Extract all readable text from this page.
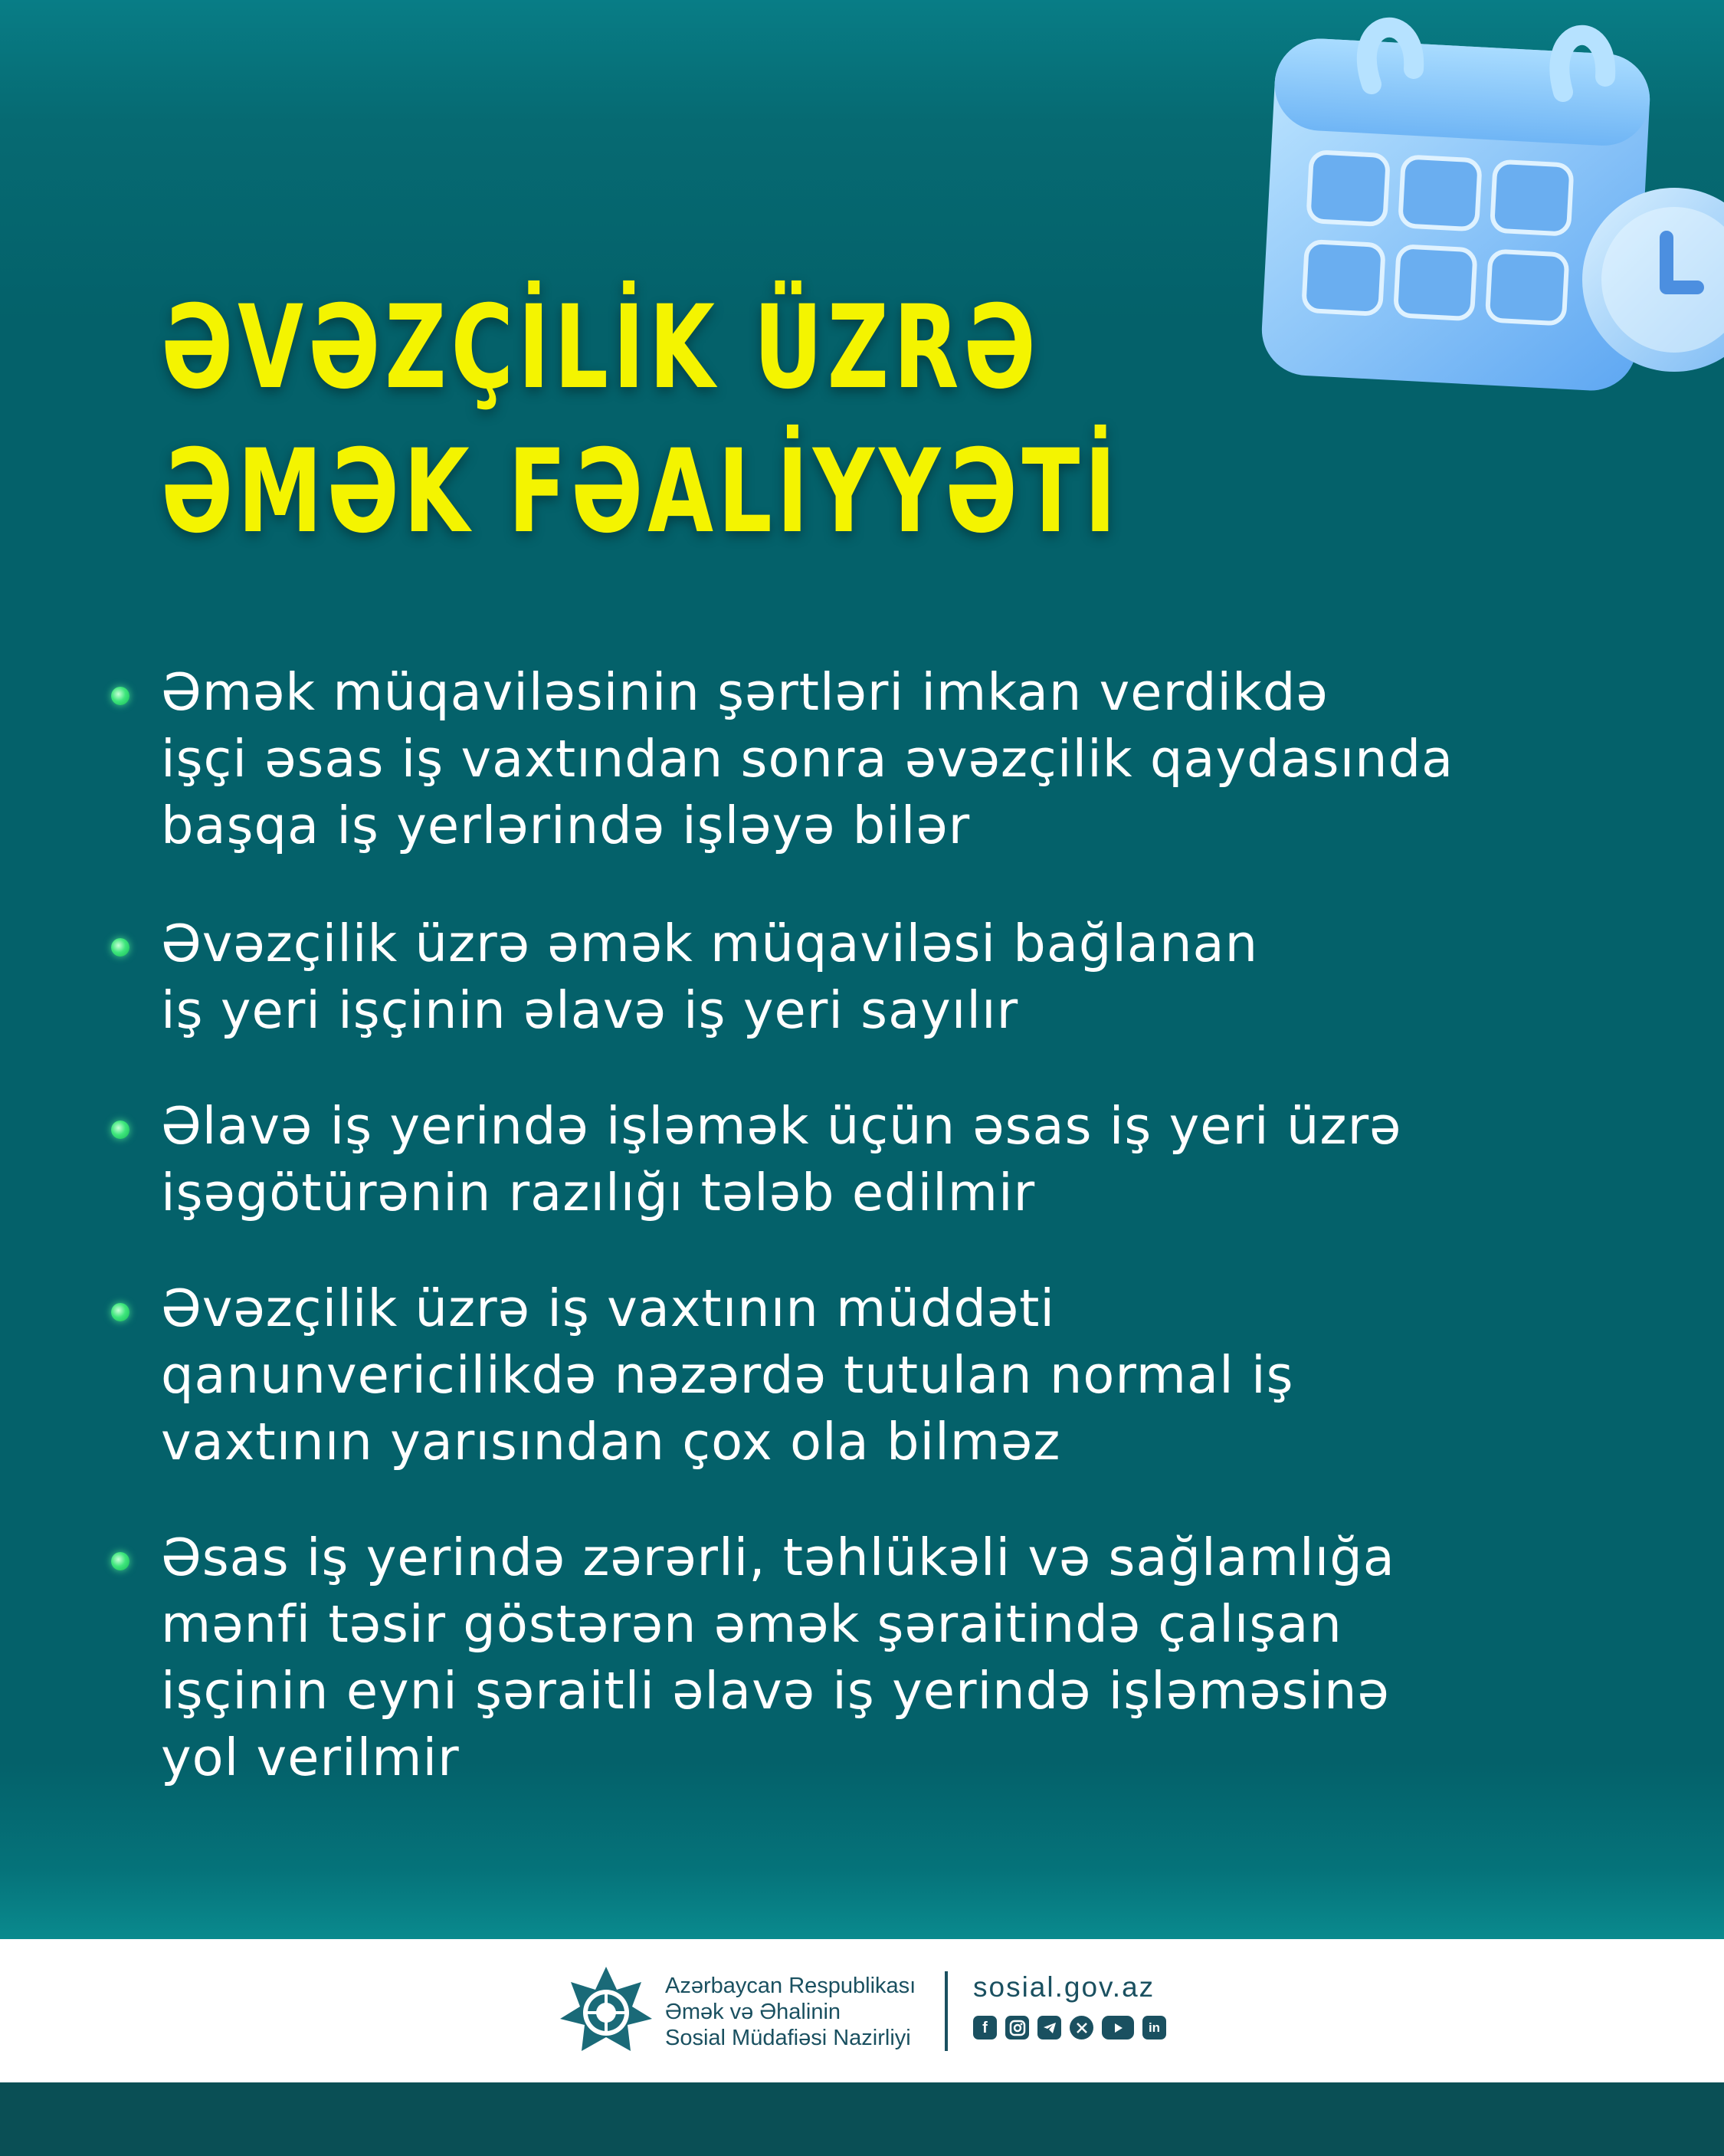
ƏVƏZÇİLİK ÜZRƏ
ƏMƏK FƏALİYYƏTİ
Əmək müqaviləsinin şərtləri imkan verdikdə
işçi əsas iş vaxtından sonra əvəzçilik qaydasında
başqa iş yerlərində işləyə bilər
Əvəzçilik üzrə əmək müqaviləsi bağlanan
iş yeri işçinin əlavə iş yeri sayılır
Əlavə iş yerində işləmək üçün əsas iş yeri üzrə
işəgötürənin razılığı tələb edilmir
Əvəzçilik üzrə iş vaxtının müddəti
qanunvericilikdə nəzərdə tutulan normal iş
vaxtının yarısından çox ola bilməz
Əsas iş yerində zərərli, təhlükəli və sağlamlığa
mənfi təsir göstərən əmək şəraitində çalışan
işçinin eyni şəraitli əlavə iş yerində işləməsinə
yol verilmir

Azərbaycan Respublikası
Əmək və Əhalinin
Sosial Müdafiəsi Nazirliyi

sosial.gov.az

f	in
